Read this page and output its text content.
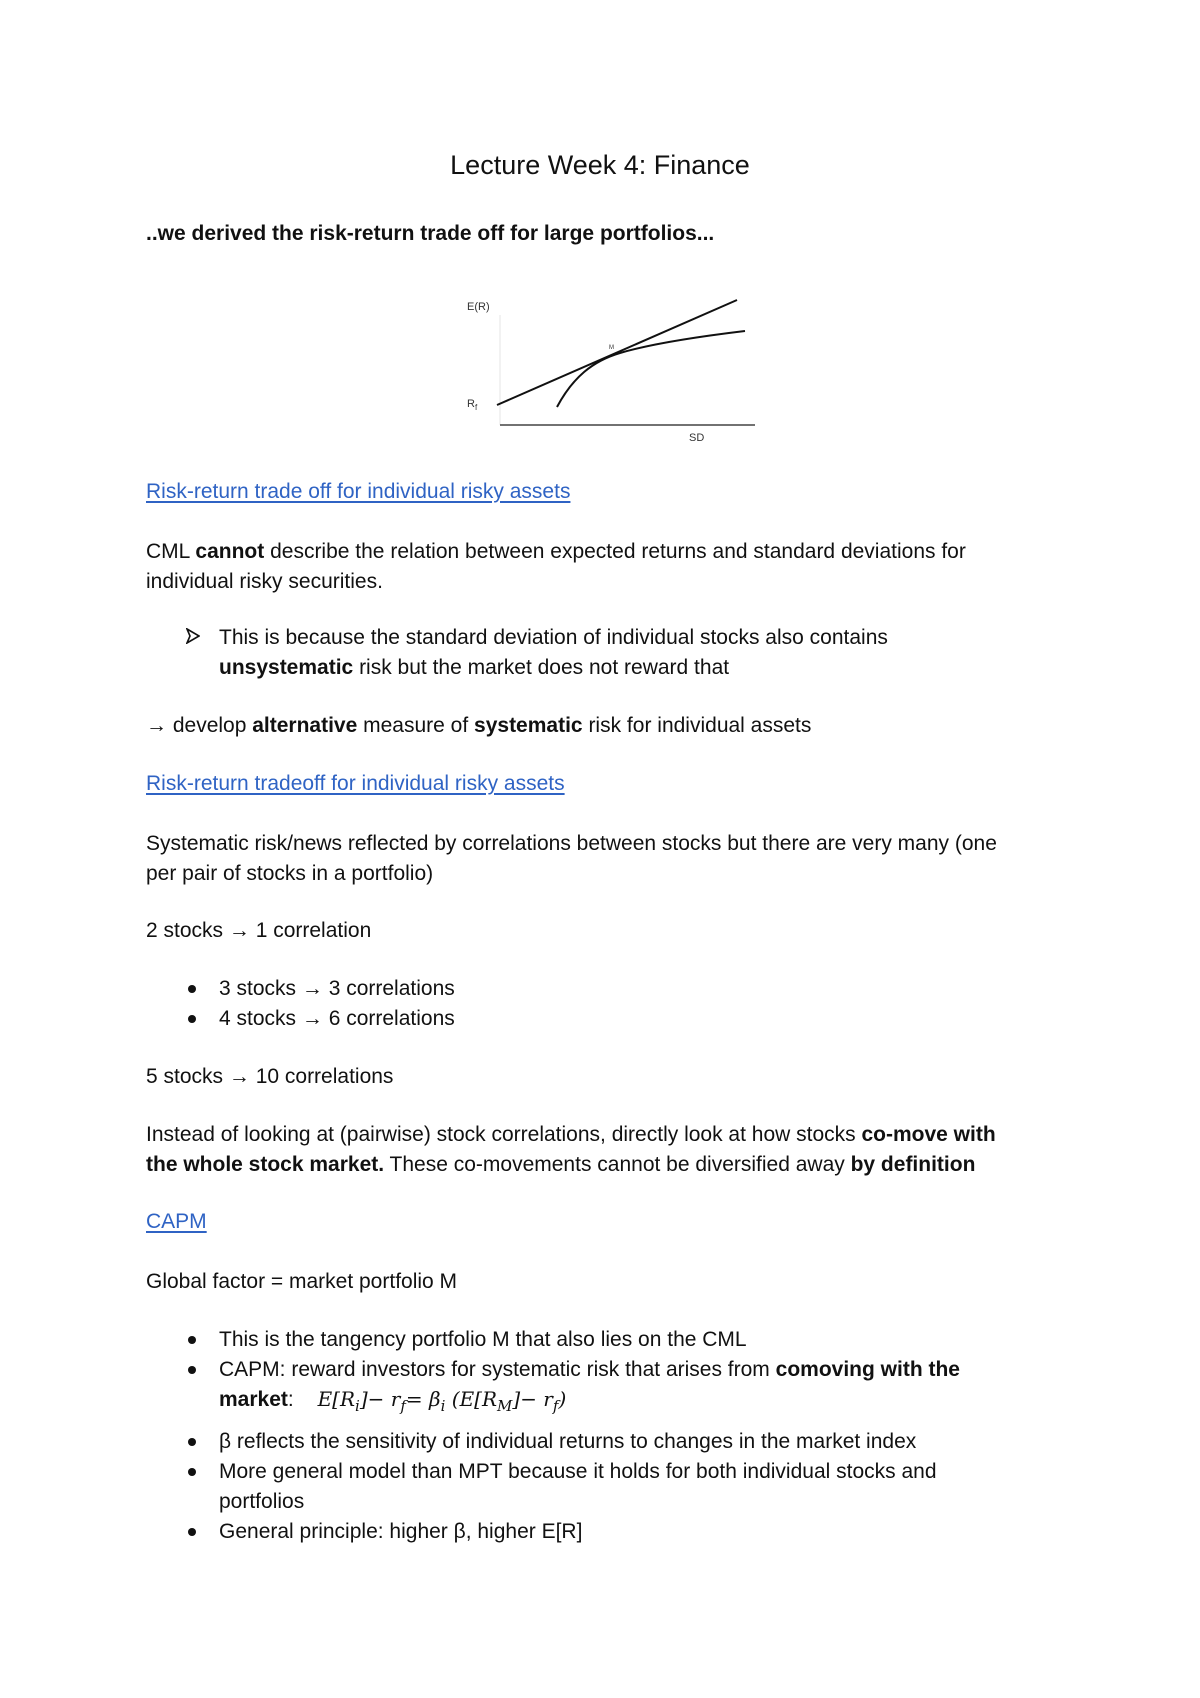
Lecture Week 4: Finance
..we derived the risk-return trade off for large portfolios...
E(R)
$R_f$
M
SD
Risk-return trade off for individual risky assets
CML cannot describe the relation between expected returns and standard deviations for
individual risky securities.
This is because the standard deviation of individual stocks also contains
unsystematic risk but the market does not reward that
→ develop alternative measure of systematic risk for individual assets
Risk-return tradeoff for individual risky assets
Systematic risk/news reflected by correlations between stocks but there are very many (one
per pair of stocks in a portfolio)
2 stocks → 1 correlation
3 stocks → 3 correlations
4 stocks → 6 correlations
5 stocks → 10 correlations
Instead of looking at (pairwise) stock correlations, directly look at how stocks co-move with
the whole stock market. These co-movements cannot be diversified away by definition
CAPM
Global factor = market portfolio M
This is the tangency portfolio M that also lies on the CML
CAPM: reward investors for systematic risk that arises from comoving with the
market: $E[R_i]- r_f= \beta_i$ $(E[R_M]- r_f)$
β reflects the sensitivity of individual returns to changes in the market index
More general model than MPT because it holds for both individual stocks and
portfolios
General principle: higher β, higher E[R]
